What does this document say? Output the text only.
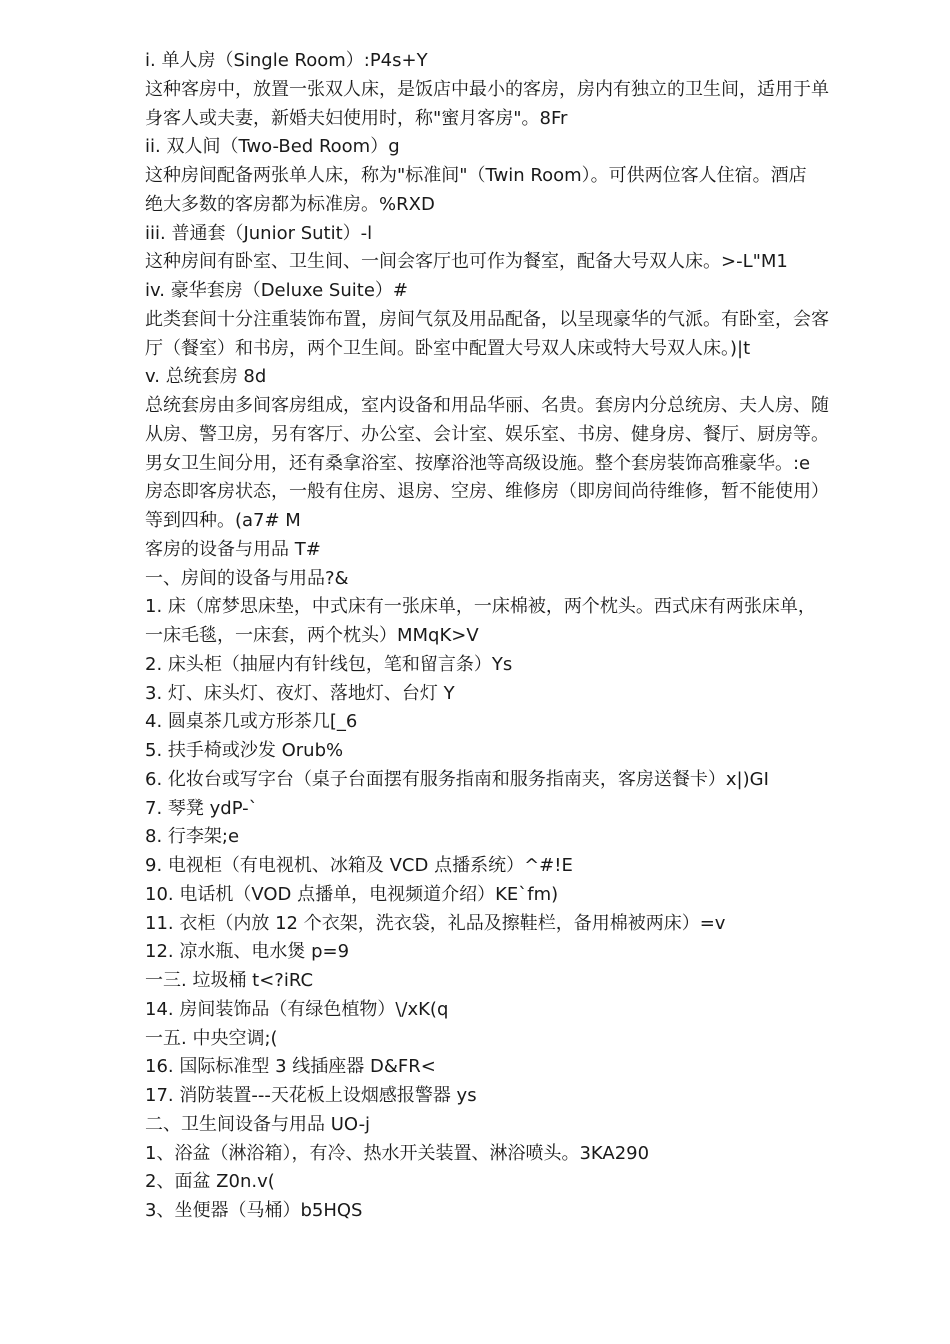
i. 单人房（Single Room）:P4s+Y

这种客房中，放置一张双人床，是饭店中最小的客房，房内有独立的卫生间，适用于单

身客人或夫妻，新婚夫妇使用时，称"蜜月客房"。8Fr

ii. 双人间（Two-Bed Room）g

这种房间配备两张单人床，称为"标准间"（Twin Room）。可供两位客人住宿。酒店

绝大多数的客房都为标准房。%RXD

iii. 普通套（Junior Sutit）-l

这种房间有卧室、卫生间、一间会客厅也可作为餐室，配备大号双人床。>-L"M1

iv. 豪华套房（Deluxe Suite）#

此类套间十分注重装饰布置，房间气氛及用品配备，以呈现豪华的气派。有卧室，会客

厅（餐室）和书房，两个卫生间。卧室中配置大号双人床或特大号双人床。)|t

v. 总统套房 8d

总统套房由多间客房组成，室内设备和用品华丽、名贵。套房内分总统房、夫人房、随

从房、警卫房，另有客厅、办公室、会计室、娱乐室、书房、健身房、餐厅、厨房等。

男女卫生间分用，还有桑拿浴室、按摩浴池等高级设施。整个套房装饰高雅豪华。:e

房态即客房状态，一般有住房、退房、空房、维修房（即房间尚待维修，暂不能使用）

等到四种。(a7# M

客房的设备与用品 T#

一、房间的设备与用品?&

1. 床（席梦思床垫，中式床有一张床单，一床棉被，两个枕头。西式床有两张床单，

一床毛毯，一床套，两个枕头）MMqK>V

2. 床头柜（抽屉内有针线包，笔和留言条）Ys

3. 灯、床头灯、夜灯、落地灯、台灯 Y

4. 圆桌茶几或方形茶几[_6

5. 扶手椅或沙发 Orub%

6. 化妆台或写字台（桌子台面摆有服务指南和服务指南夹，客房送餐卡）x|)GI

7. 琴凳 ydP-`

8. 行李架;e

9. 电视柜（有电视机、冰箱及 VCD 点播系统）^#!E

10. 电话机（VOD 点播单，电视频道介绍）KE`fm)

11. 衣柜（内放 12 个衣架，洗衣袋，礼品及擦鞋栏，备用棉被两床）=v

12. 凉水瓶、电水煲 p=9

一三. 垃圾桶 t<?iRC

14. 房间装饰品（有绿色植物）\/xK(q

一五. 中央空调;(

16. 国际标准型 3 线插座器 D&FR<

17. 消防装置---天花板上设烟感报警器 ys

二、卫生间设备与用品 UO-j

1、浴盆（淋浴箱），有冷、热水开关装置、淋浴喷头。3KA290

2、面盆 Z0n.v(

3、坐便器（马桶）b5HQS
